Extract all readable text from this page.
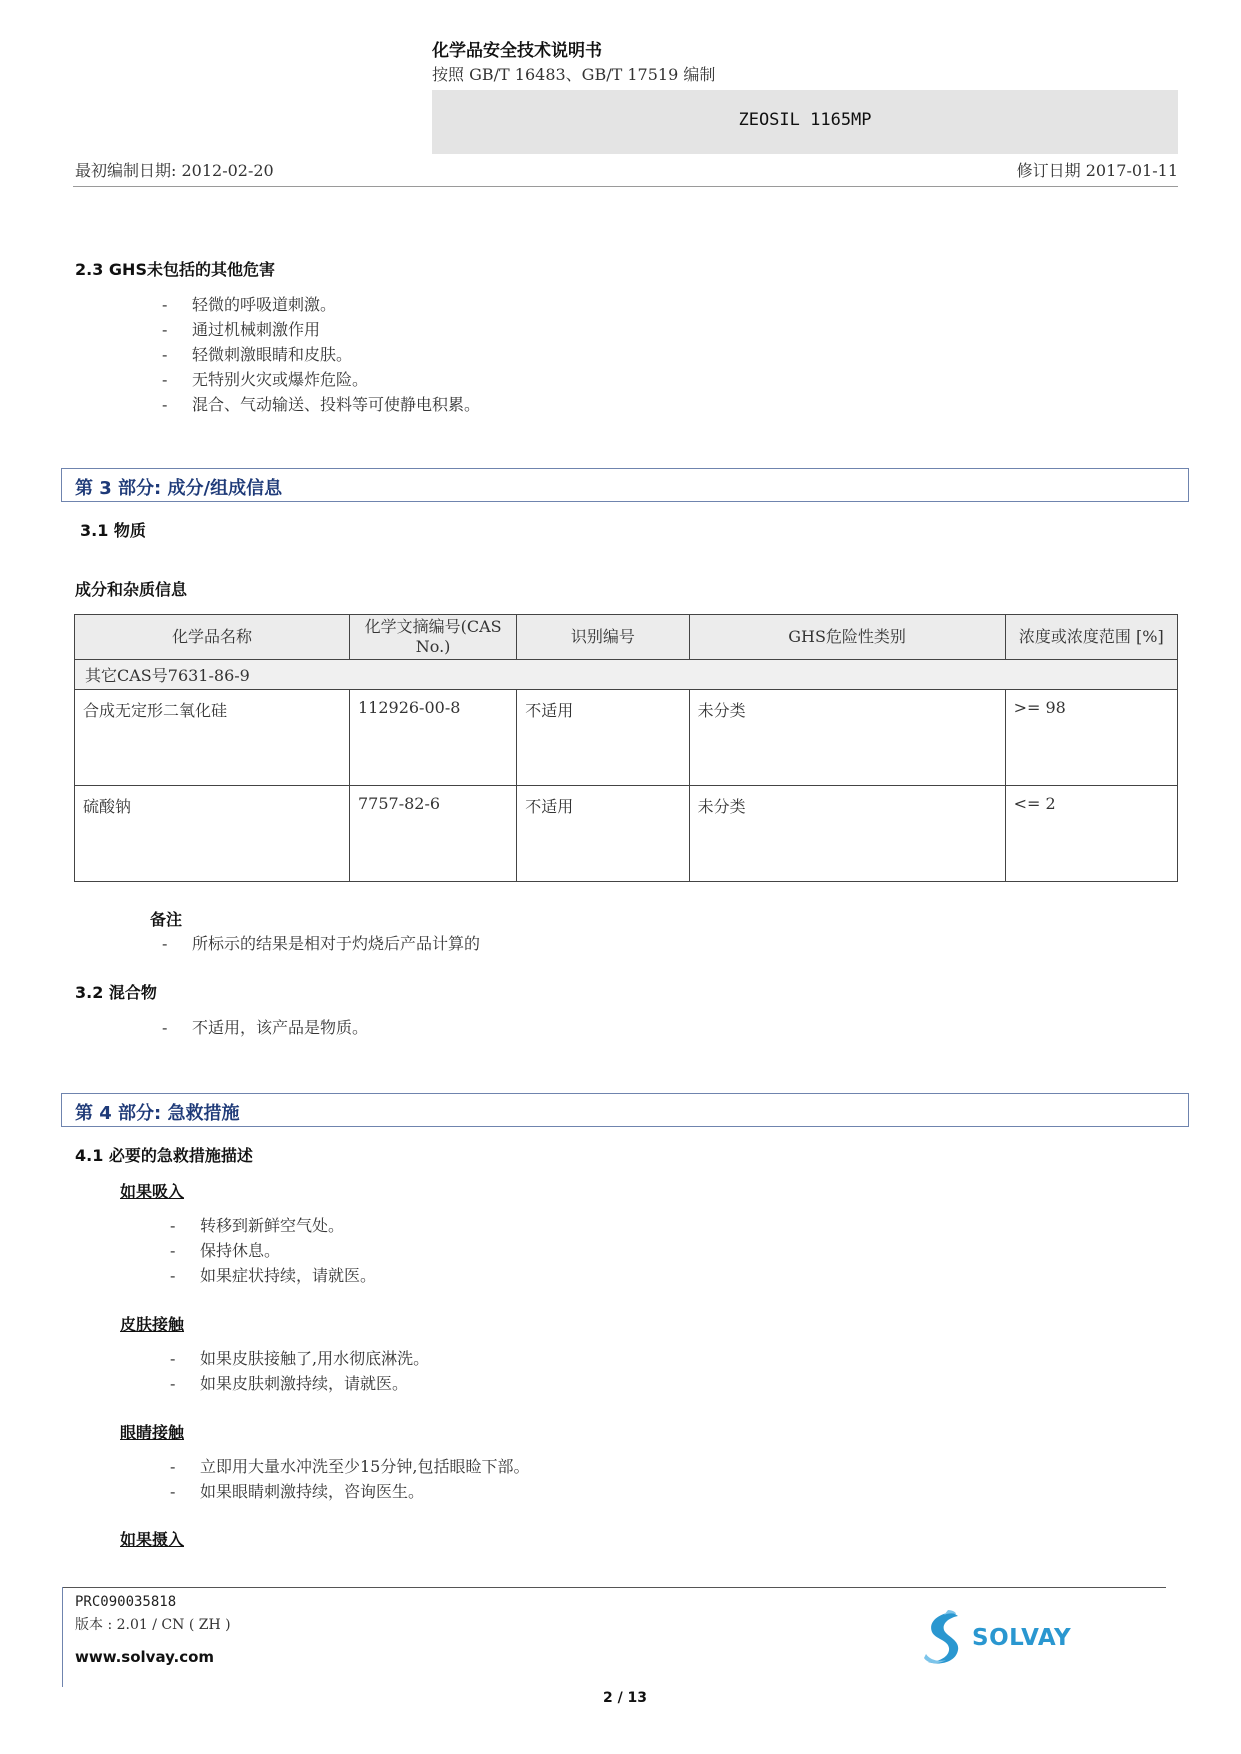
化学品安全技术说明书
按照 GB/T 16483、GB/T 17519 编制
ZEOSIL 1165MP
最初编制日期: 2012-02-20	修订日期 2017-01-11
2.3 GHS未包括的其他危害
- 轻微的呼吸道刺激。
- 通过机械刺激作用
- 轻微刺激眼睛和皮肤。
- 无特别火灾或爆炸危险。
- 混合、气动输送、投料等可使静电积累。
第 3 部分: 成分/组成信息
3.1 物质
成分和杂质信息
化学品名称	化学文摘编号(CAS No.)	识别编号	GHS危险性类别	浓度或浓度范围 [%]
其它CAS号7631-86-9				
合成无定形二氧化硅	112926-00-8	不适用	未分类	>= 98
硫酸钠	7757-82-6	不适用	未分类	<= 2
备注
- 所标示的结果是相对于灼烧后产品计算的
3.2 混合物
- 不适用，该产品是物质。
第 4 部分: 急救措施
4.1 必要的急救措施描述
如果吸入
- 转移到新鲜空气处。
- 保持休息。
- 如果症状持续，请就医。
皮肤接触
- 如果皮肤接触了,用水彻底淋洗。
- 如果皮肤刺激持续，请就医。
眼睛接触
- 立即用大量水冲洗至少15分钟,包括眼睑下部。
- 如果眼睛刺激持续，咨询医生。
如果摄入
PRC090035818
版本 : 2.01 / CN ( ZH )
www.solvay.com
SOLVAY
2 / 13
